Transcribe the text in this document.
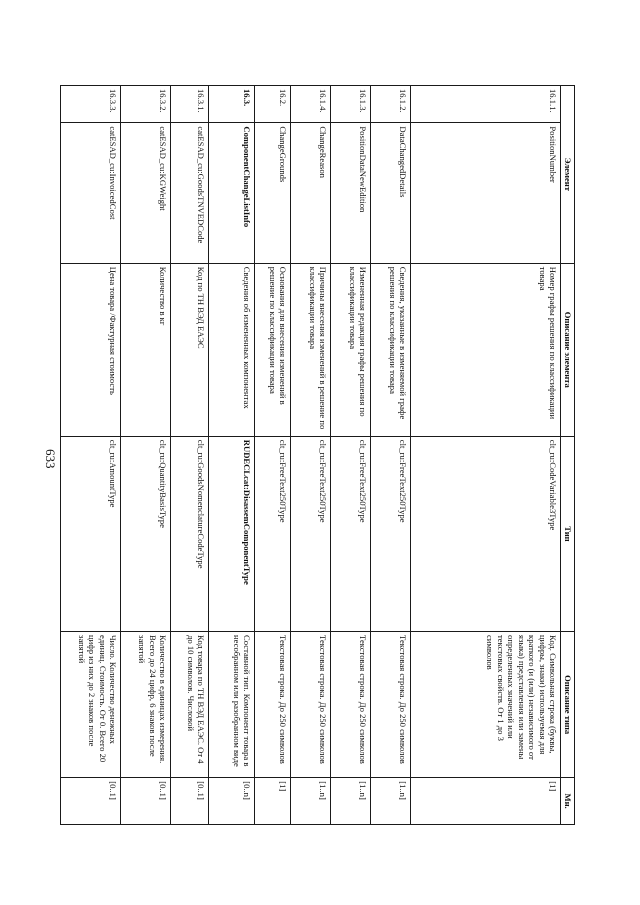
633
Элемент		Описание элемента	Тип	Описание типа	Мн.
16.1.1.	PositionNumber	Номер графы решения по классификации товара	clt_ru:CodeVariable3Type	Код. Символьная строка (буквы, цифры, знаки) используемая для краткого (и (или) независимого от языка) представления или замены определенных значений или текстовых свойств. От 1 до 3 символов	[1]
16.1.2.	DataChangedDetails	Сведения, указанные в изменяемой графе решения по классификации товара	clt_ru:FreeText250Type	Текстовая строка. До 250 символов	[1..n]
16.1.3.	PositionDataNewEdition	Измененная редакция графы решения по классификации товара	clt_ru:FreeText250Type	Текстовая строка. До 250 символов	[1..n]
16.1.4.	ChangeReason	Причины внесения изменений в решение по классификации товара	clt_ru:FreeText250Type	Текстовая строка. До 250 символов	[1..n]
16.2.	ChangeGrounds	Основания для внесения изменений в решение по классификации товара	clt_ru:FreeText250Type	Текстовая строка. До 250 символов	[1]
16.3.	ComponentChangeListInfo	Сведения об измененных компонентах	RUDECLcat:DisassemComponentType	Составной тип. Компонент товара в несобранном или разобранном виде	[0..n]
16.3.1.	catESAD_cu:GoodsTNVEDCode	Код по ТН ВЭД ЕАЭС	clt_ru:GoodsNomenclatureCodeType	Код товара по ТН ВЭД ЕАЭС. От 4 до 10 символов. Числовой	[0..1]
16.3.2.	catESAD_cu:KGWeight	Количество в кг	clt_ru:QuantityBasisType	Количество в единицах измерения. Всего до 24 цифр, 6 знаков после запятой	[0..1]
16.3.3.	catESAD_cu:InvoicedCost	Цена товара /Фактурная стоимость	clt_ru:AmountType	Число. Количество денежных единиц. Стоимость. От 0. Всего 20 цифр из них до 2 знаков после запятой	[0..1]
